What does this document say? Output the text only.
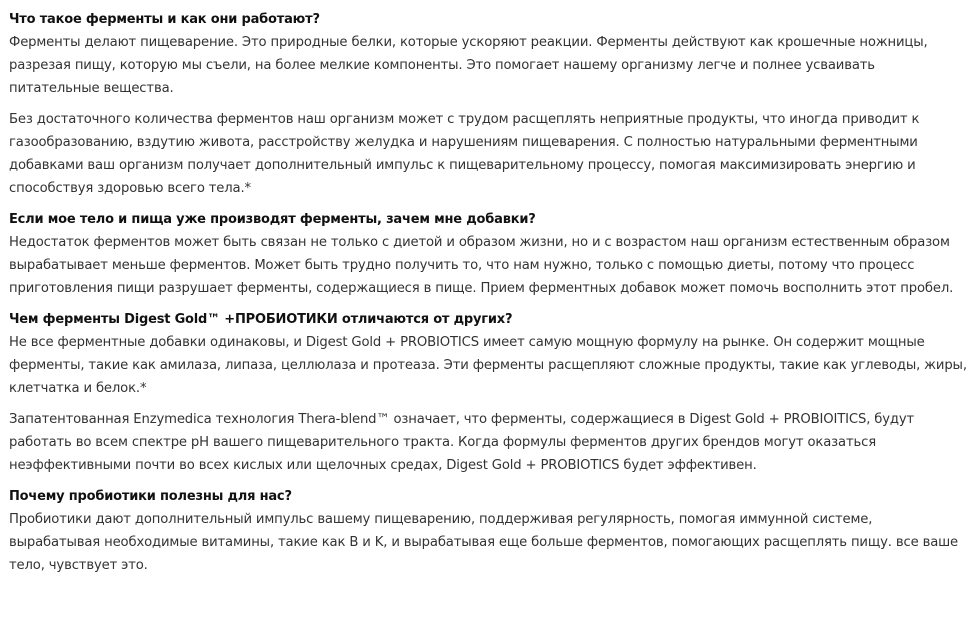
Что такое ферменты и как они работают?

Ферменты делают пищеварение. Это природные белки, которые ускоряют реакции. Ферменты действуют как крошечные ножницы, разрезая пищу, которую мы съели, на более мелкие компоненты. Это помогает нашему организму легче и полнее усваивать питательные вещества.

Без достаточного количества ферментов наш организм может с трудом расщеплять неприятные продукты, что иногда приводит к газообразованию, вздутию живота, расстройству желудка и нарушениям пищеварения. С полностью натуральными ферментными добавками ваш организм получает дополнительный импульс к пищеварительному процессу, помогая максимизировать энергию и способствуя здоровью всего тела.*

Если мое тело и пища уже производят ферменты, зачем мне добавки?

Недостаток ферментов может быть связан не только с диетой и образом жизни, но и с возрастом наш организм естественным образом вырабатывает меньше ферментов. Может быть трудно получить то, что нам нужно, только с помощью диеты, потому что процесс приготовления пищи разрушает ферменты, содержащиеся в пище. Прием ферментных добавок может помочь восполнить этот пробел.

Чем ферменты Digest Gold™ +ПРОБИОТИКИ отличаются от других?

Не все ферментные добавки одинаковы, и Digest Gold + PROBIOTICS имеет самую мощную формулу на рынке. Он содержит мощные ферменты, такие как амилаза, липаза, целлюлаза и протеаза. Эти ферменты расщепляют сложные продукты, такие как углеводы, жиры, клетчатка и белок.*

Запатентованная Enzymedica технология Thera-blend™ означает, что ферменты, содержащиеся в Digest Gold + PROBIOITICS, будут работать во всем спектре pH вашего пищеварительного тракта. Когда формулы ферментов других брендов могут оказаться неэффективными почти во всех кислых или щелочных средах, Digest Gold + PROBIOTICS будет эффективен.

Почему пробиотики полезны для нас?

Пробиотики дают дополнительный импульс вашему пищеварению, поддерживая регулярность, помогая иммунной системе, вырабатывая необходимые витамины, такие как B и K, и вырабатывая еще больше ферментов, помогающих расщеплять пищу. все ваше тело, чувствует это.
